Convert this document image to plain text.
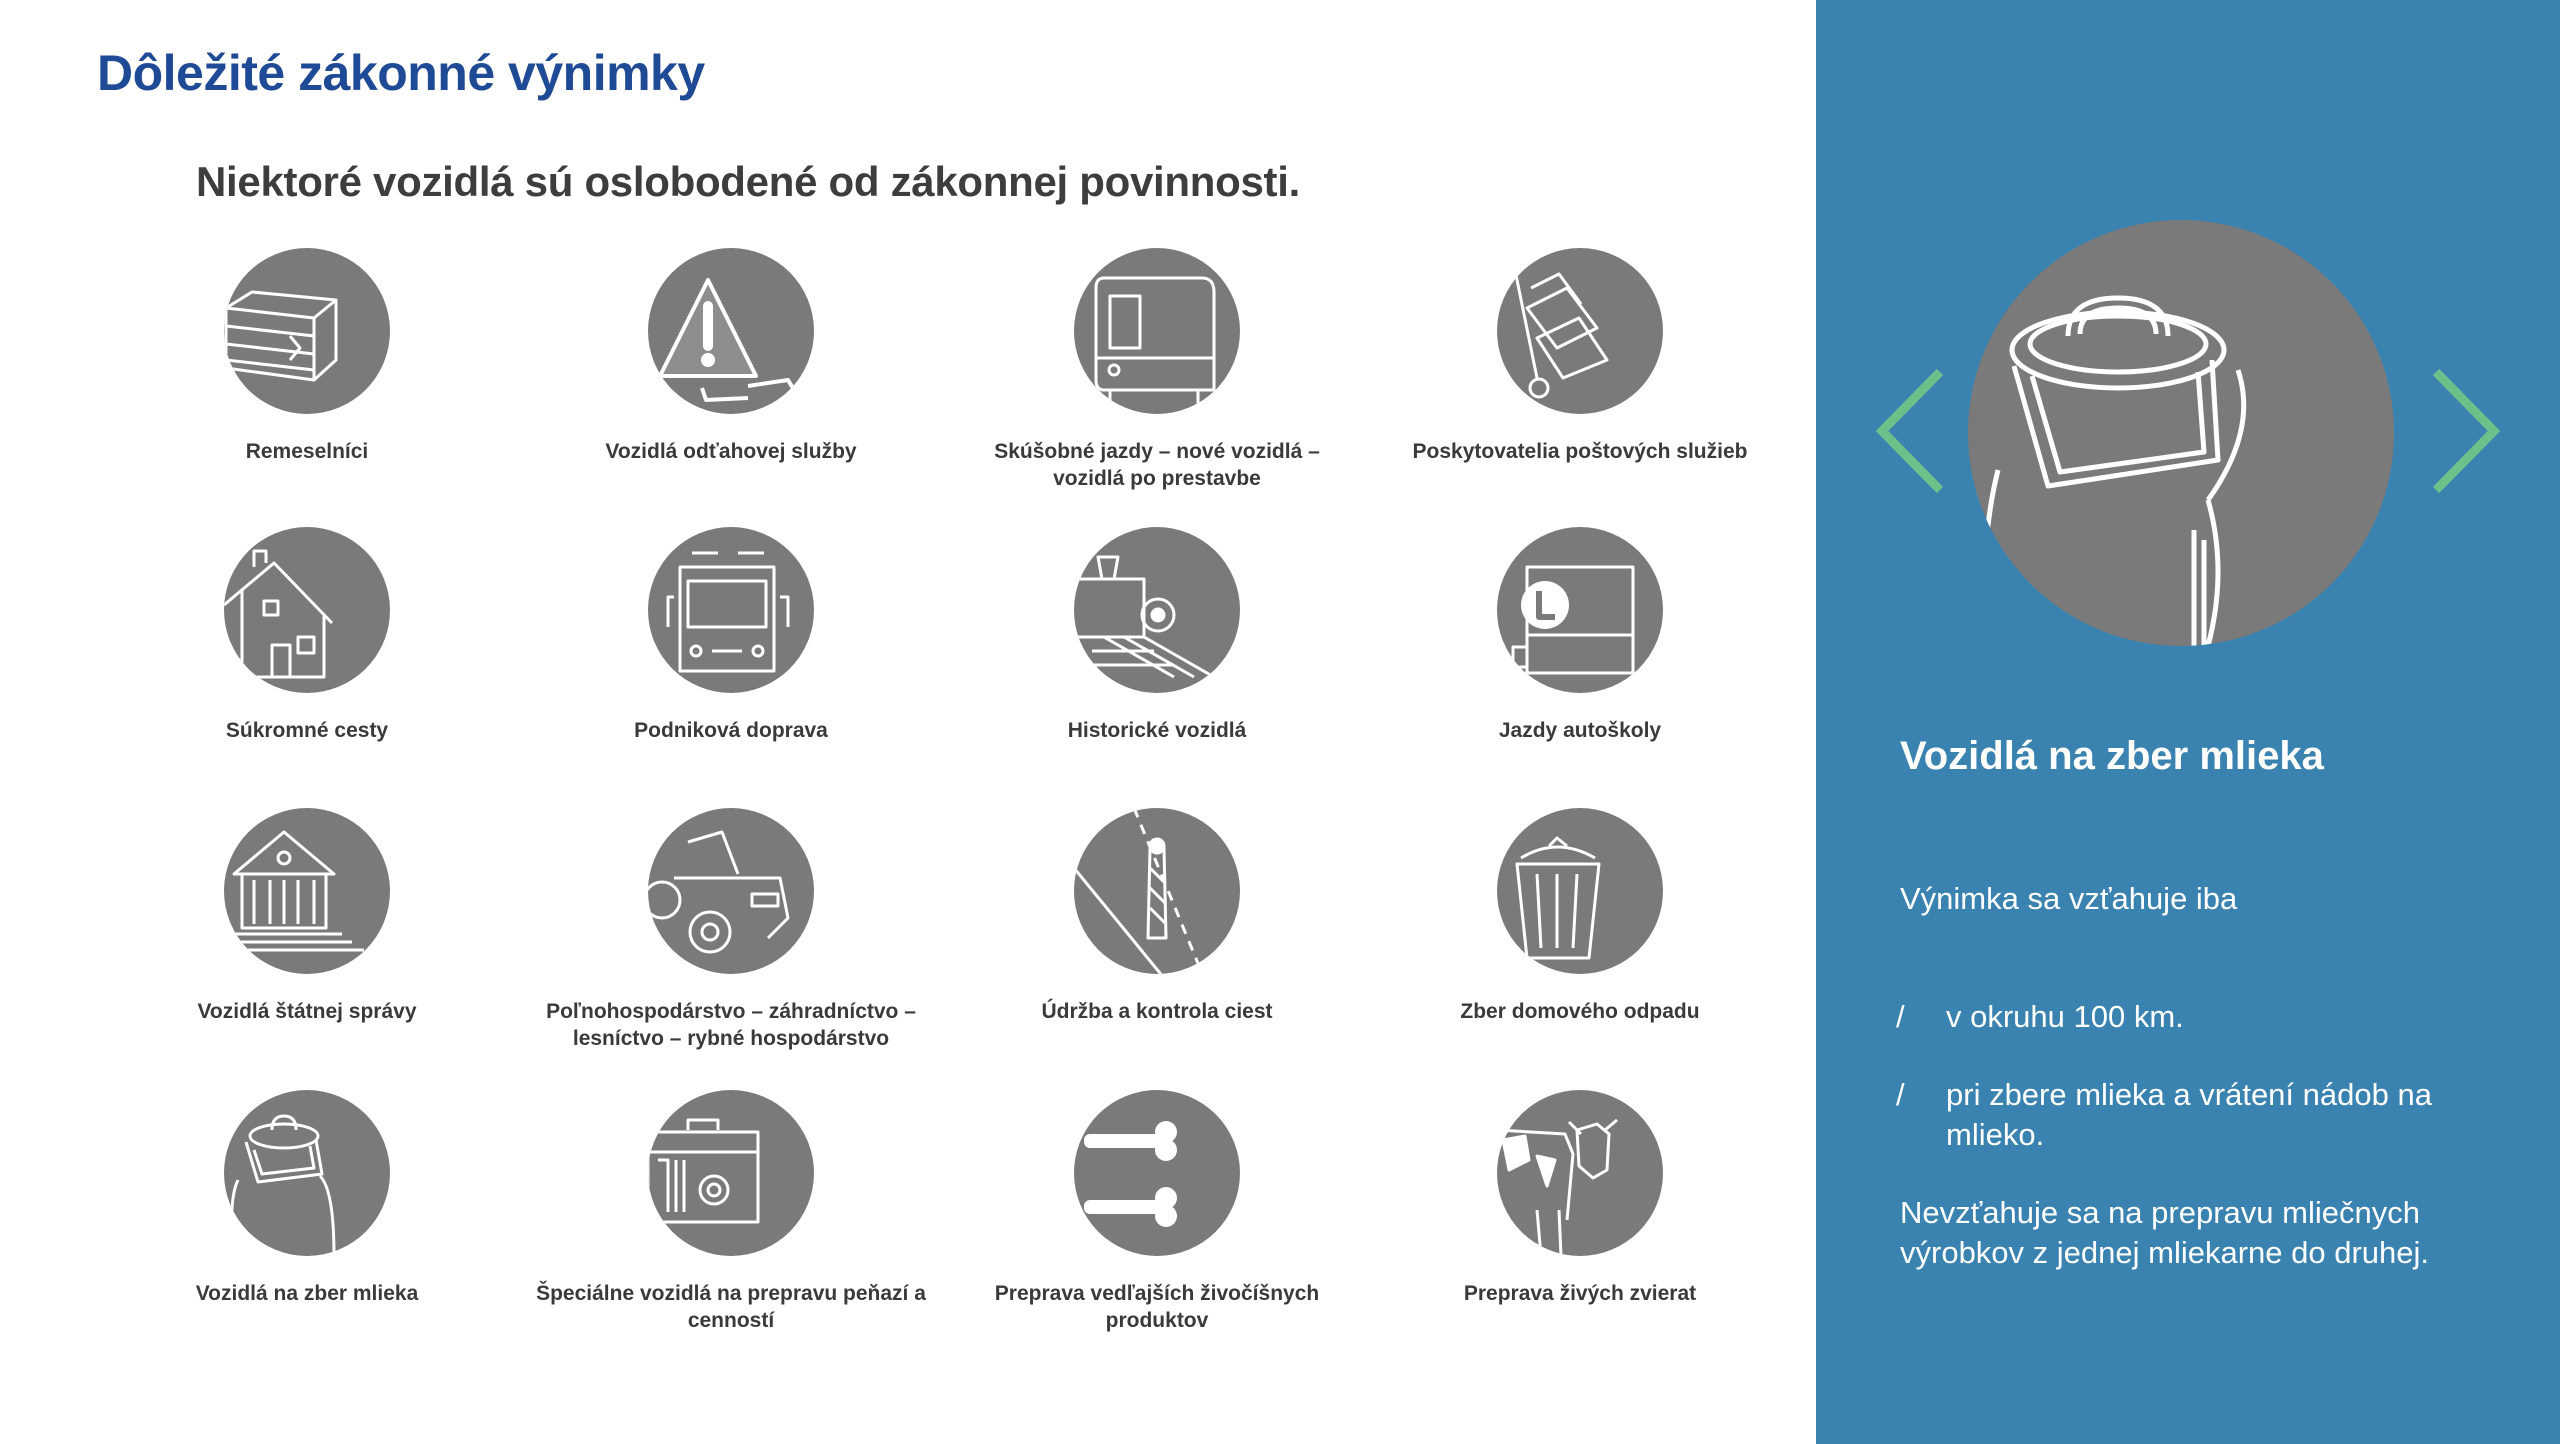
Dôležité zákonné výnimky
Niektoré vozidlá sú oslobodené od zákonnej povinnosti.
Remeselníci	Vozidlá odťahovej služby	Skúšobné jazdy – nové vozidlá – vozidlá po prestavbe
Poskytovatelia poštových služieb
Súkromné cesty	Podniková doprava	Historické vozidlá	Jazdy autoškoly
Vozidlá štátnej správy	Poľnohospodárstvo – záhradníctvo – lesníctvo – rybné hospodárstvo
Údržba a kontrola ciest	Zber domového odpadu
Vozidlá na zber mlieka	Špeciálne vozidlá na prepravu peňazí a cenností
Preprava vedľajších živočíšnych produktov
Preprava živých zvierat
Vozidlá na zber mlieka

Výnimka sa vzťahuje iba

/ v okruhu 100 km.
/ pri zbere mlieka a vrátení nádob na mlieko.

Nevzťahuje sa na prepravu mliečnych výrobkov z jednej mliekarne do druhej.
